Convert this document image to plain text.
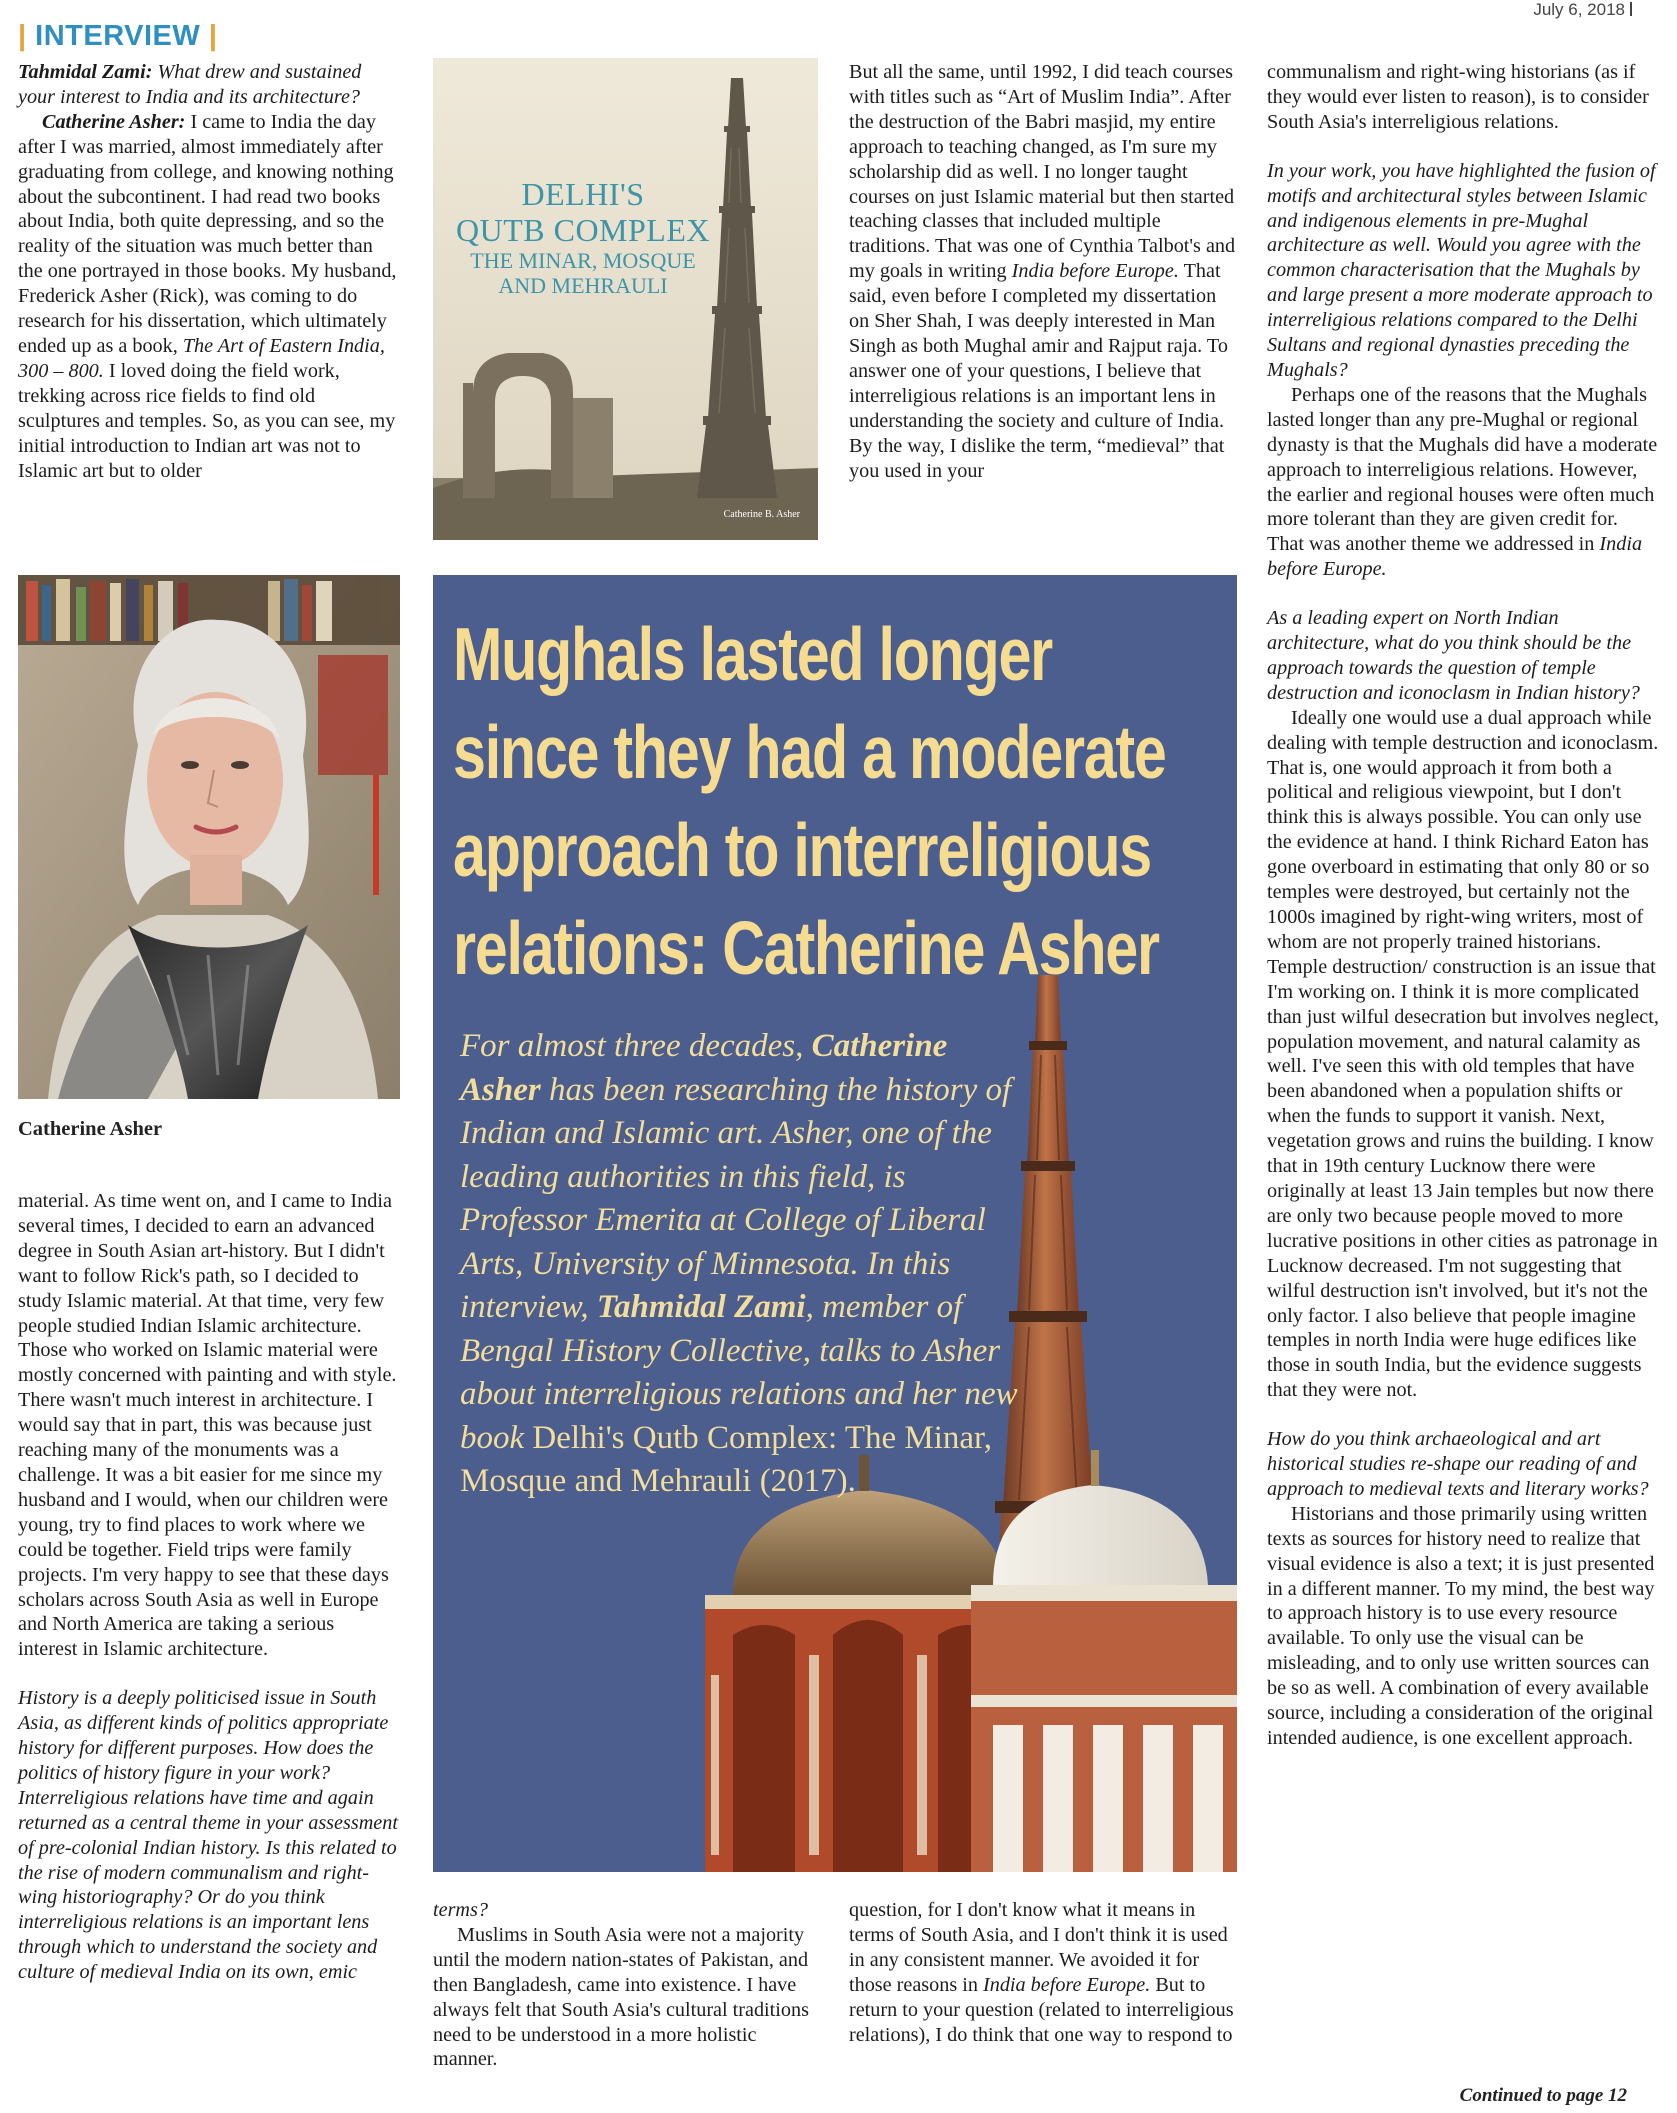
| INTERVIEW |
July 6, 2018

Tahmidal Zami: What drew and sustained your interest to India and its architecture?

Catherine Asher: I came to India the day after I was married, almost immediately after graduating from college, and knowing nothing about the subcontinent. I had read two books about India, both quite depressing, and so the reality of the situation was much better than the one portrayed in those books. My husband, Frederick Asher (Rick), was coming to do research for his dissertation, which ultimately ended up as a book, The Art of Eastern India, 300 – 800. I loved doing the field work, trekking across rice fields to find old sculptures and temples. So, as you can see, my initial introduction to Indian art was not to Islamic art but to older

Catherine Asher

material. As time went on, and I came to India several times, I decided to earn an advanced degree in South Asian art-history. But I didn't want to follow Rick's path, so I decided to study Islamic material. At that time, very few people studied Indian Islamic architecture. Those who worked on Islamic material were mostly concerned with painting and with style. There wasn't much interest in architecture. I would say that in part, this was because just reaching many of the monuments was a challenge. It was a bit easier for me since my husband and I would, when our children were young, try to find places to work where we could be together. Field trips were family projects. I'm very happy to see that these days scholars across South Asia as well in Europe and North America are taking a serious interest in Islamic architecture.

History is a deeply politicised issue in South Asia, as different kinds of politics appropriate history for different purposes. How does the politics of history figure in your work? Interreligious relations have time and again returned as a central theme in your assessment of pre-colonial Indian history. Is this related to the rise of modern communalism and right-wing historiography? Or do you think interreligious relations is an important lens through which to understand the society and culture of medieval India on its own, emic

DELHI'S
QUTB COMPLEX
THE MINAR, MOSQUE
AND MEHRAULI
Catherine B. Asher

But all the same, until 1992, I did teach courses with titles such as “Art of Muslim India”. After the destruction of the Babri masjid, my entire approach to teaching changed, as I'm sure my scholarship did as well. I no longer taught courses on just Islamic material but then started teaching classes that included multiple traditions. That was one of Cynthia Talbot's and my goals in writing India before Europe. That said, even before I completed my dissertation on Sher Shah, I was deeply interested in Man Singh as both Mughal amir and Rajput raja. To answer one of your questions, I believe that interreligious relations is an important lens in understanding the society and culture of India. By the way, I dislike the term, “medieval” that you used in your

communalism and right-wing historians (as if they would ever listen to reason), is to consider South Asia's interreligious relations.

In your work, you have highlighted the fusion of motifs and architectural styles between Islamic and indigenous elements in pre-Mughal architecture as well. Would you agree with the common characterisation that the Mughals by and large present a more moderate approach to interreligious relations compared to the Delhi Sultans and regional dynasties preceding the Mughals?

Perhaps one of the reasons that the Mughals lasted longer than any pre-Mughal or regional dynasty is that the Mughals did have a moderate approach to interreligious relations. However, the earlier and regional houses were often much more tolerant than they are given credit for. That was another theme we addressed in India before Europe.

As a leading expert on North Indian architecture, what do you think should be the approach towards the question of temple destruction and iconoclasm in Indian history?

Ideally one would use a dual approach while dealing with temple destruction and iconoclasm. That is, one would approach it from both a political and religious viewpoint, but I don't think this is always possible. You can only use the evidence at hand. I think Richard Eaton has gone overboard in estimating that only 80 or so temples were destroyed, but certainly not the 1000s imagined by right-wing writers, most of whom are not properly trained historians. Temple destruction/ construction is an issue that I'm working on. I think it is more complicated than just wilful desecration but involves neglect, population movement, and natural calamity as well. I've seen this with old temples that have been abandoned when a population shifts or when the funds to support it vanish. Next, vegetation grows and ruins the building. I know that in 19th century Lucknow there were originally at least 13 Jain temples but now there are only two because people moved to more lucrative positions in other cities as patronage in Lucknow decreased. I'm not suggesting that wilful destruction isn't involved, but it's not the only factor. I also believe that people imagine temples in north India were huge edifices like those in south India, but the evidence suggests that they were not.

How do you think archaeological and art historical studies re-shape our reading of and approach to medieval texts and literary works?

Historians and those primarily using written texts as sources for history need to realize that visual evidence is also a text; it is just presented in a different manner. To my mind, the best way to approach history is to use every resource available. To only use the visual can be misleading, and to only use written sources can be so as well. A combination of every available source, including a consideration of the original intended audience, is one excellent approach.

Mughals lasted longer
since they had a moderate
approach to interreligious
relations: Catherine Asher
For almost three decades, Catherine Asher has been researching the history of Indian and Islamic art. Asher, one of the leading authorities in this field, is Professor Emerita at College of Liberal Arts, University of Minnesota. In this interview, Tahmidal Zami, member of Bengal History Collective, talks to Asher about interreligious relations and her new book Delhi's Qutb Complex: The Minar, Mosque and Mehrauli (2017).

terms?

Muslims in South Asia were not a majority until the modern nation-states of Pakistan, and then Bangladesh, came into existence. I have always felt that South Asia's cultural traditions need to be understood in a more holistic manner.

question, for I don't know what it means in terms of South Asia, and I don't think it is used in any consistent manner. We avoided it for those reasons in India before Europe. But to return to your question (related to interreligious relations), I do think that one way to respond to

Continued to page 12
